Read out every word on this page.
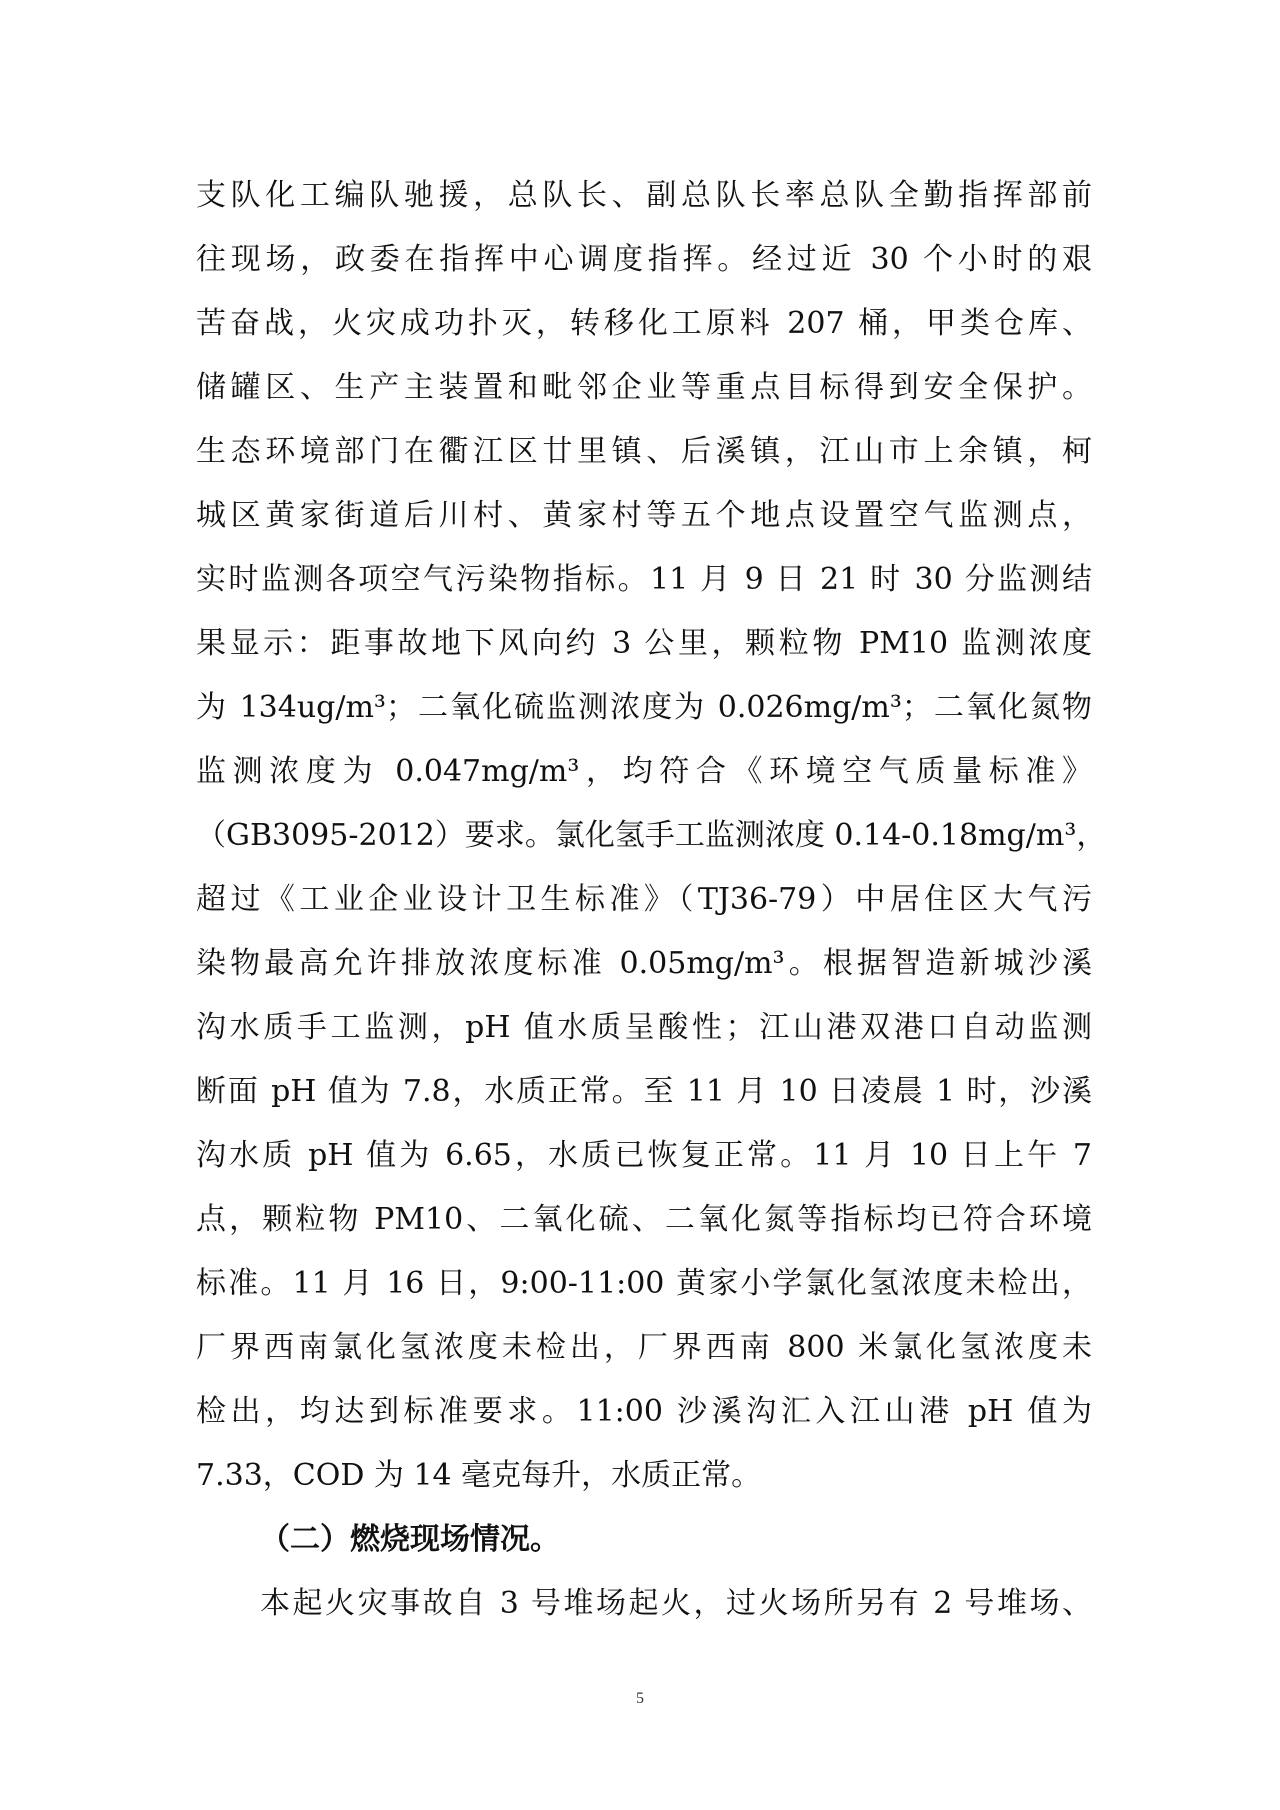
支队化工编队驰援，总队长、副总队长率总队全勤指挥部前
往现场，政委在指挥中心调度指挥。经过近 30 个小时的艰
苦奋战，火灾成功扑灭，转移化工原料 207 桶，甲类仓库、
储罐区、生产主装置和毗邻企业等重点目标得到安全保护。
生态环境部门在衢江区廿里镇、后溪镇，江山市上余镇，柯
城区黄家街道后川村、黄家村等五个地点设置空气监测点，
实时监测各项空气污染物指标。11 月 9 日 21 时 30 分监测结
果显示：距事故地下风向约 3 公里，颗粒物 PM10 监测浓度
为 134ug/m³；二氧化硫监测浓度为 0.026mg/m³；二氧化氮物
监测浓度为 0.047mg/m³，均符合《环境空气质量标准》
（GB3095-2012）要求。氯化氢手工监测浓度 0.14-0.18mg/m³，
超过《工业企业设计卫生标准》（TJ36-79）中居住区大气污
染物最高允许排放浓度标准 0.05mg/m³。根据智造新城沙溪
沟水质手工监测，pH 值水质呈酸性；江山港双港口自动监测
断面 pH 值为 7.8，水质正常。至 11 月 10 日凌晨 1 时，沙溪
沟水质 pH 值为 6.65，水质已恢复正常。11 月 10 日上午 7
点，颗粒物 PM10、二氧化硫、二氧化氮等指标均已符合环境
标准。11 月 16 日，9:00-11:00 黄家小学氯化氢浓度未检出，
厂界西南氯化氢浓度未检出，厂界西南 800 米氯化氢浓度未
检出，均达到标准要求。11:00 沙溪沟汇入江山港 pH 值为
7.33，COD 为 14 毫克每升，水质正常。
（二）燃烧现场情况。
本起火灾事故自 3 号堆场起火，过火场所另有 2 号堆场、
5
